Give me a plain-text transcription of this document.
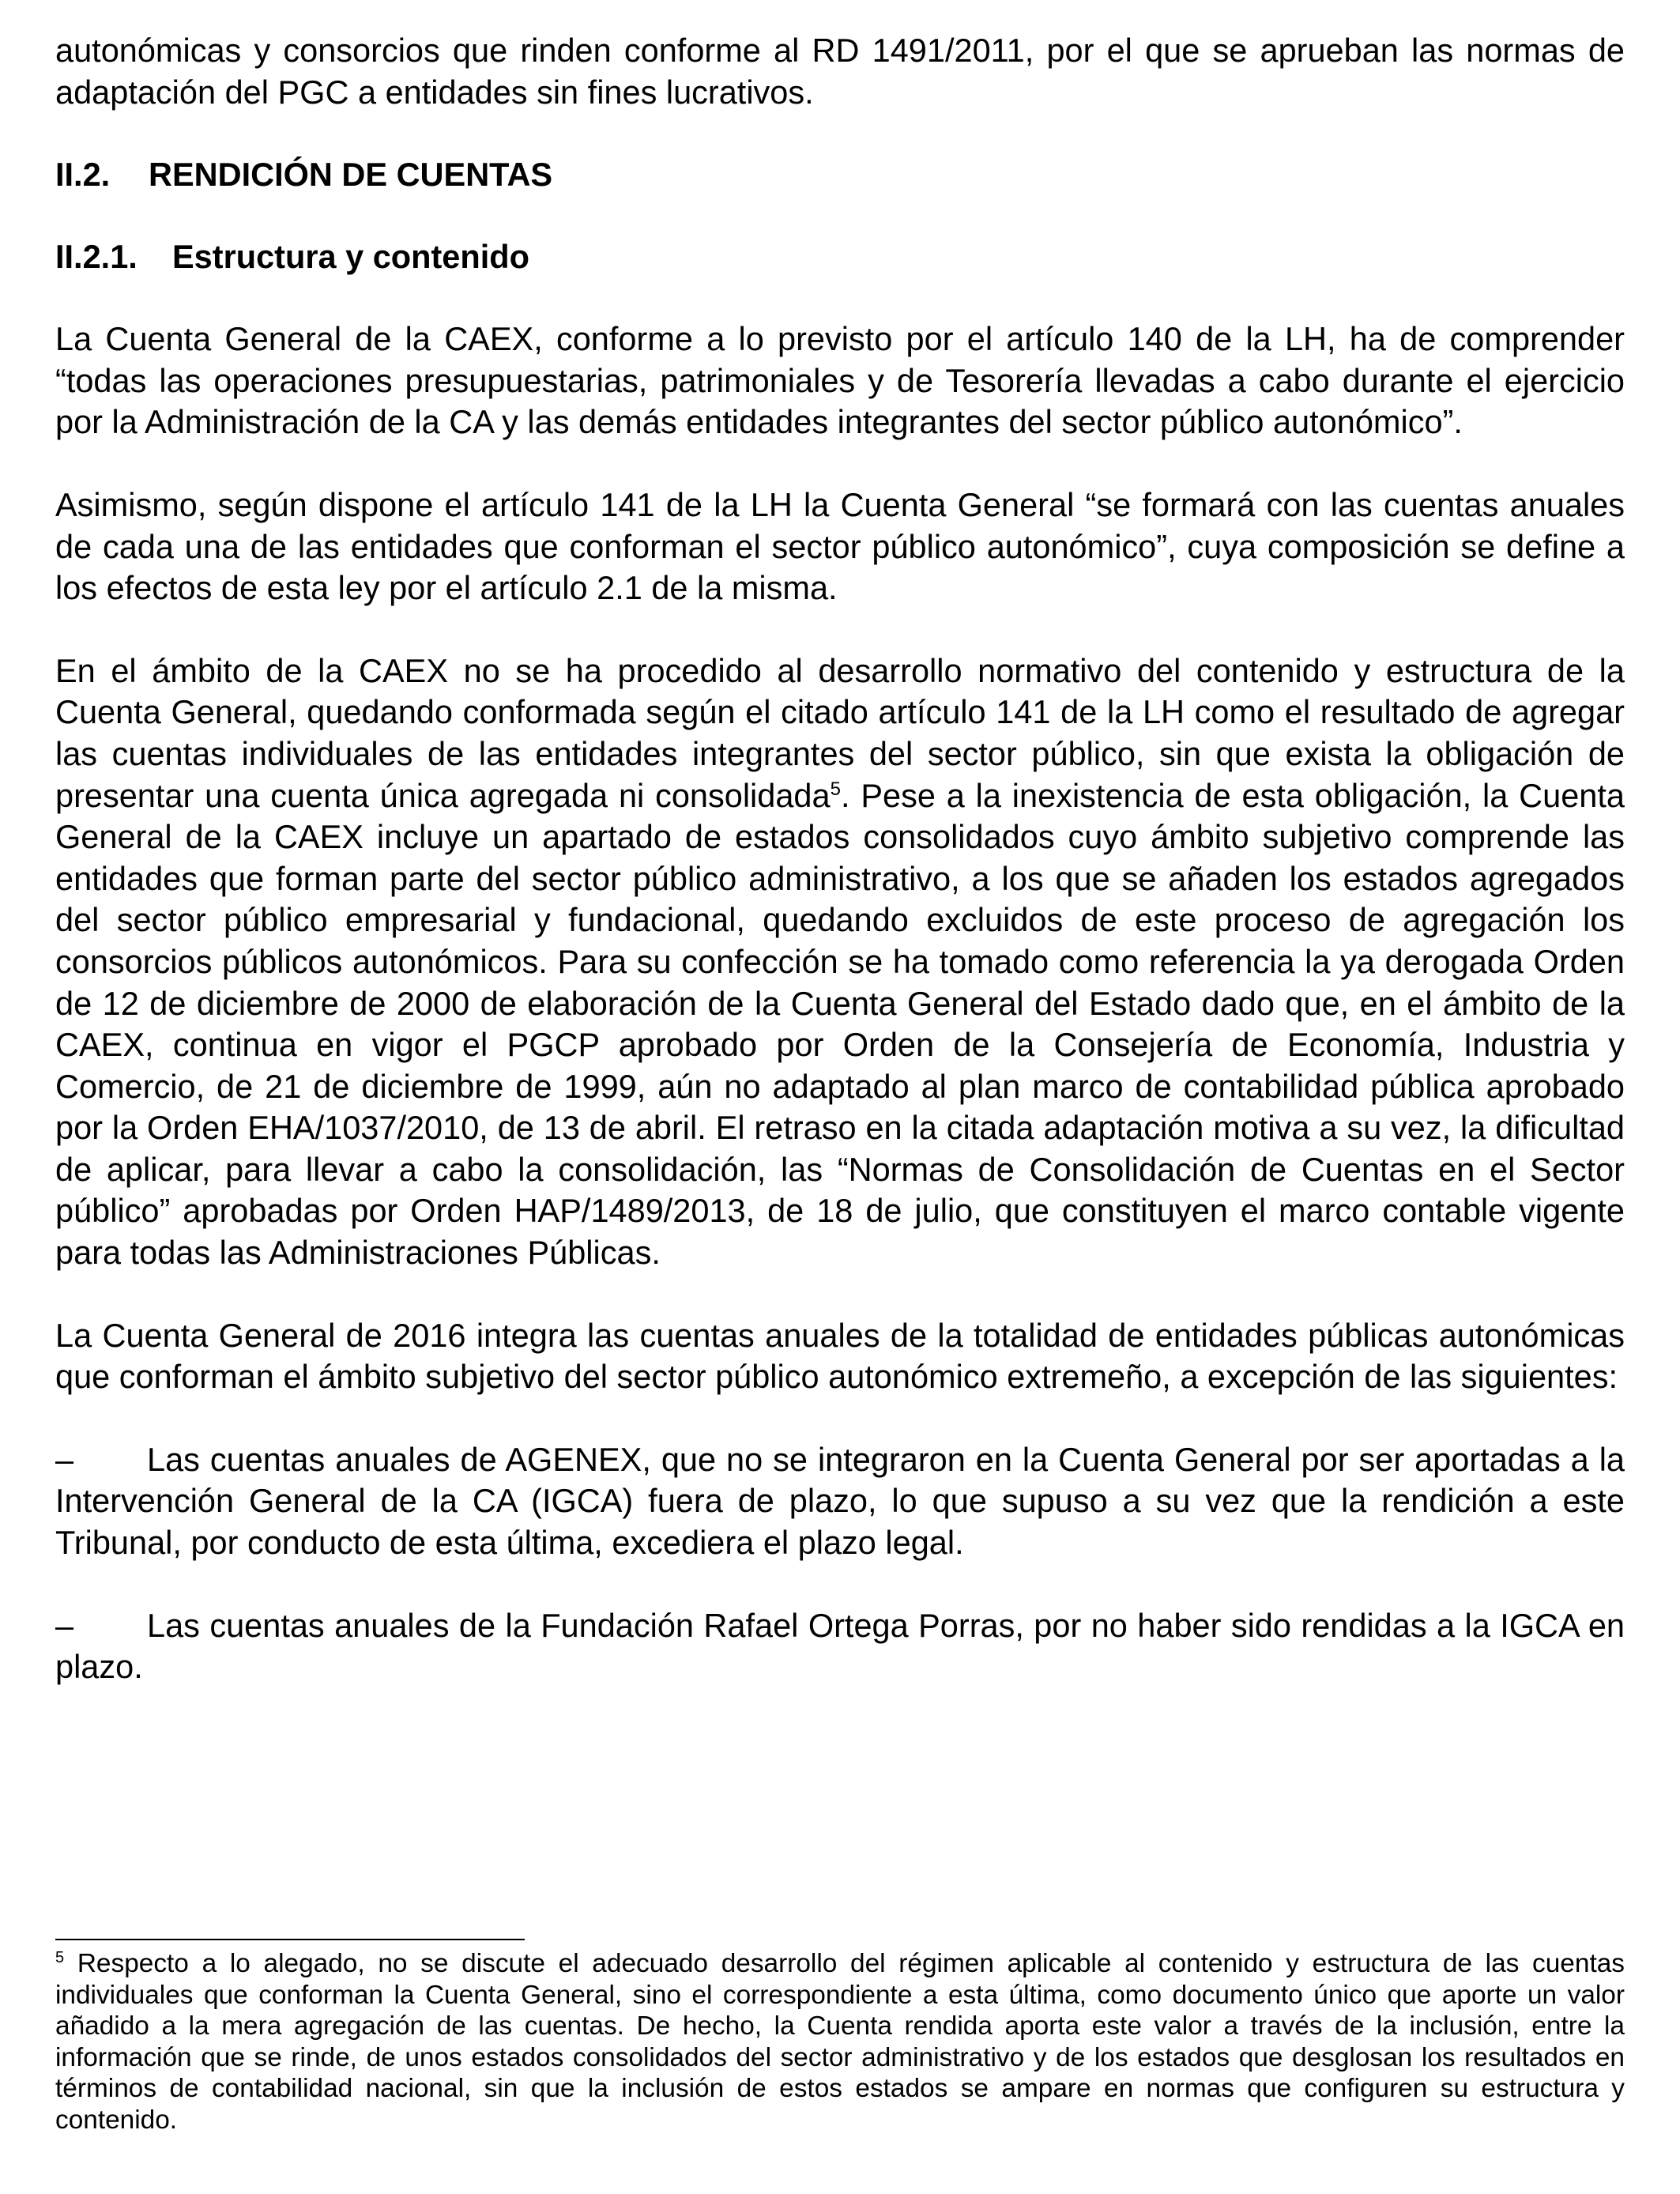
autonómicas y consorcios que rinden conforme al RD 1491/2011, por el que se aprueban las normas de adaptación del PGC a entidades sin fines lucrativos.

II.2.	RENDICIÓN DE CUENTAS

II.2.1.	Estructura y contenido

La Cuenta General de la CAEX, conforme a lo previsto por el artículo 140 de la LH, ha de comprender “todas las operaciones presupuestarias, patrimoniales y de Tesorería llevadas a cabo durante el ejercicio por la Administración de la CA y las demás entidades integrantes del sector público autonómico”.

Asimismo, según dispone el artículo 141 de la LH la Cuenta General “se formará con las cuentas anuales de cada una de las entidades que conforman el sector público autonómico”, cuya composición se define a los efectos de esta ley por el artículo 2.1 de la misma.

En el ámbito de la CAEX no se ha procedido al desarrollo normativo del contenido y estructura de la Cuenta General, quedando conformada según el citado artículo 141 de la LH como el resultado de agregar las cuentas individuales de las entidades integrantes del sector público, sin que exista la obligación de presentar una cuenta única agregada ni consolidada$^5$. Pese a la inexistencia de esta obligación, la Cuenta General de la CAEX incluye un apartado de estados consolidados cuyo ámbito subjetivo comprende las entidades que forman parte del sector público administrativo, a los que se añaden los estados agregados del sector público empresarial y fundacional, quedando excluidos de este proceso de agregación los consorcios públicos autonómicos. Para su confección se ha tomado como referencia la ya derogada Orden de 12 de diciembre de 2000 de elaboración de la Cuenta General del Estado dado que, en el ámbito de la CAEX, continua en vigor el PGCP aprobado por Orden de la Consejería de Economía, Industria y Comercio, de 21 de diciembre de 1999, aún no adaptado al plan marco de contabilidad pública aprobado por la Orden EHA/1037/2010, de 13 de abril. El retraso en la citada adaptación motiva a su vez, la dificultad de aplicar, para llevar a cabo la consolidación, las “Normas de Consolidación de Cuentas en el Sector público” aprobadas por Orden HAP/1489/2013, de 18 de julio, que constituyen el marco contable vigente para todas las Administraciones Públicas.

La Cuenta General de 2016 integra las cuentas anuales de la totalidad de entidades públicas autonómicas que conforman el ámbito subjetivo del sector público autonómico extremeño, a excepción de las siguientes:

– Las cuentas anuales de AGENEX, que no se integraron en la Cuenta General por ser aportadas a la Intervención General de la CA (IGCA) fuera de plazo, lo que supuso a su vez que la rendición a este Tribunal, por conducto de esta última, excediera el plazo legal.

– Las cuentas anuales de la Fundación Rafael Ortega Porras, por no haber sido rendidas a la IGCA en plazo.

$^5$ Respecto a lo alegado, no se discute el adecuado desarrollo del régimen aplicable al contenido y estructura de las cuentas individuales que conforman la Cuenta General, sino el correspondiente a esta última, como documento único que aporte un valor añadido a la mera agregación de las cuentas. De hecho, la Cuenta rendida aporta este valor a través de la inclusión, entre la información que se rinde, de unos estados consolidados del sector administrativo y de los estados que desglosan los resultados en términos de contabilidad nacional, sin que la inclusión de estos estados se ampare en normas que configuren su estructura y contenido.
